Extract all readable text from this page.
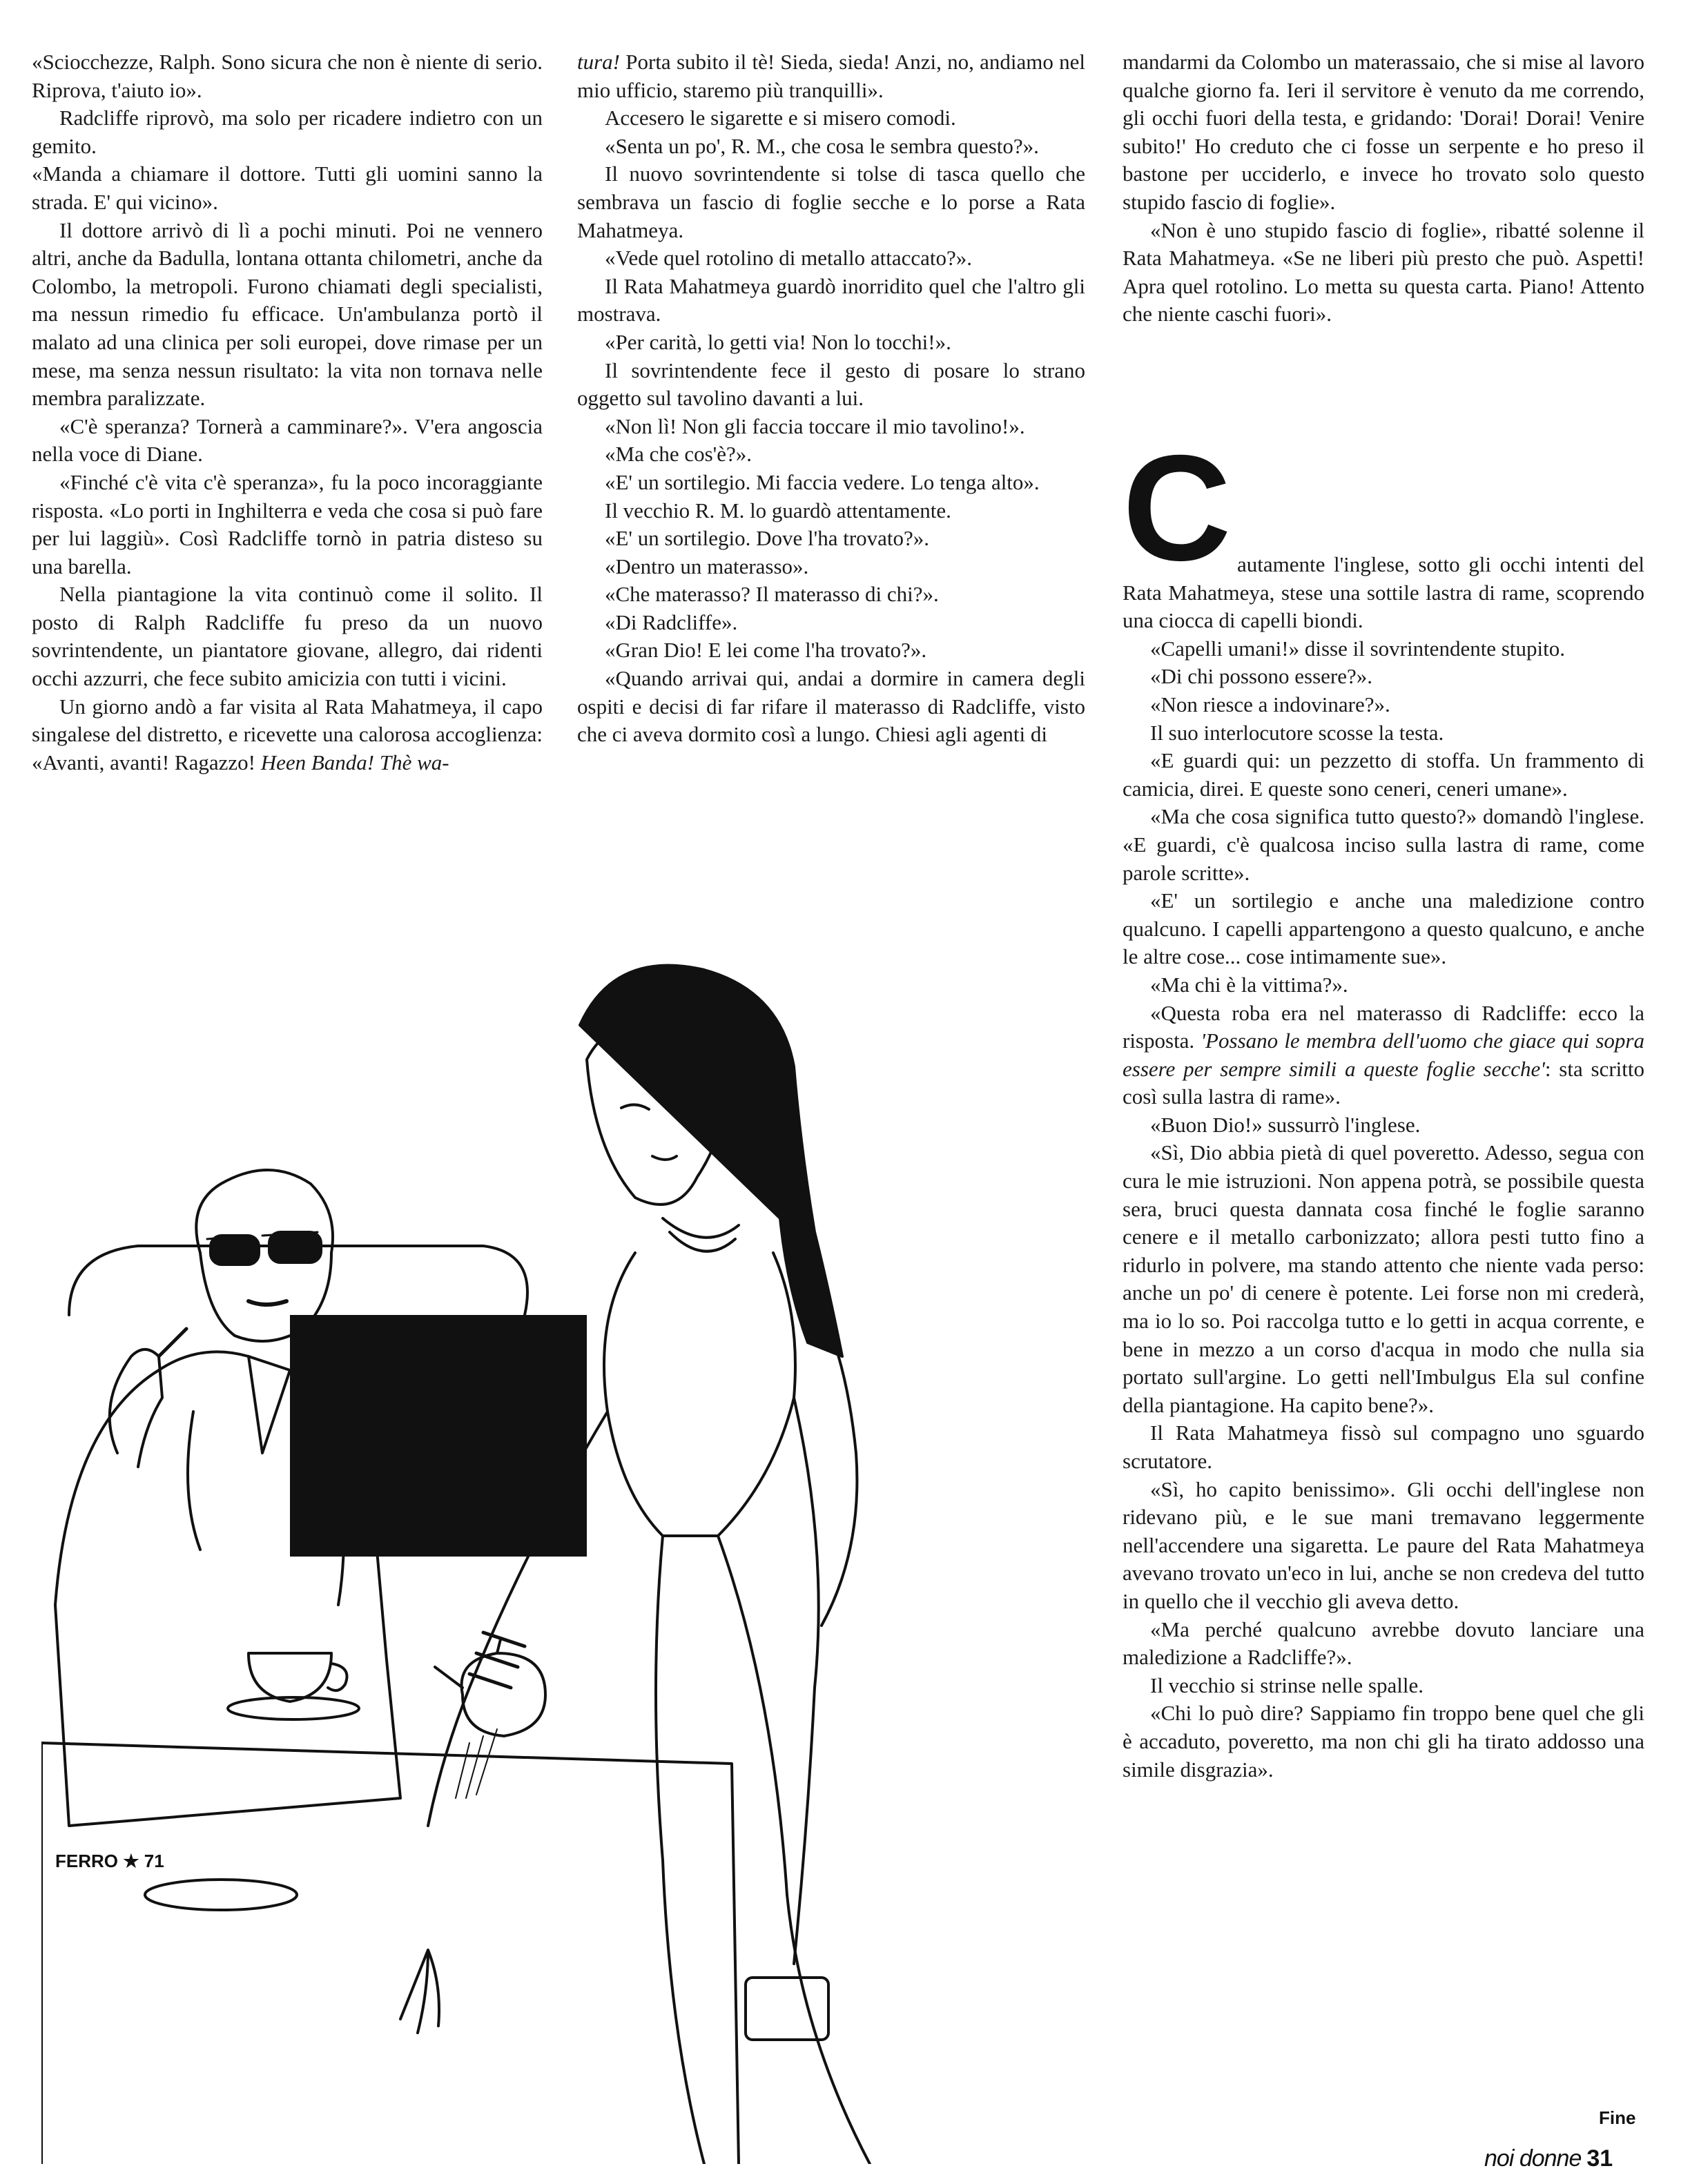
«Sciocchezze, Ralph. Sono sicura che non è niente di serio. Riprova, t'aiuto io».

Radcliffe riprovò, ma solo per ricadere indietro con un gemito.

«Manda a chiamare il dottore. Tutti gli uomini sanno la strada. E' qui vicino».

Il dottore arrivò di lì a pochi minuti. Poi ne vennero altri, anche da Badulla, lontana ottanta chilometri, anche da Colombo, la metropoli. Furono chiamati degli specialisti, ma nessun rimedio fu efficace. Un'ambulanza portò il malato ad una clinica per soli europei, dove rimase per un mese, ma senza nessun risultato: la vita non tornava nelle membra paralizzate.

«C'è speranza? Tornerà a camminare?». V'era angoscia nella voce di Diane.

«Finché c'è vita c'è speranza», fu la poco incoraggiante risposta. «Lo porti in Inghilterra e veda che cosa si può fare per lui laggiù». Così Radcliffe tornò in patria disteso su una barella.

Nella piantagione la vita continuò come il solito. Il posto di Ralph Radcliffe fu preso da un nuovo sovrintendente, un piantatore giovane, allegro, dai ridenti occhi azzurri, che fece subito amicizia con tutti i vicini.

Un giorno andò a far visita al Rata Mahatmeya, il capo singalese del distretto, e ricevette una calorosa accoglienza: «Avanti, avanti! Ragazzo! Heen Banda! Thè wa-

tura! Porta subito il tè! Sieda, sieda! Anzi, no, andiamo nel mio ufficio, staremo più tranquilli».

Accesero le sigarette e si misero comodi.

«Senta un po', R. M., che cosa le sembra questo?».

Il nuovo sovrintendente si tolse di tasca quello che sembrava un fascio di foglie secche e lo porse a Rata Mahatmeya.

«Vede quel rotolino di metallo attaccato?».

Il Rata Mahatmeya guardò inorridito quel che l'altro gli mostrava.

«Per carità, lo getti via! Non lo tocchi!».

Il sovrintendente fece il gesto di posare lo strano oggetto sul tavolino davanti a lui.

«Non lì! Non gli faccia toccare il mio tavolino!».

«Ma che cos'è?».

«E' un sortilegio. Mi faccia vedere. Lo tenga alto».

Il vecchio R. M. lo guardò attentamente.

«E' un sortilegio. Dove l'ha trovato?».

«Dentro un materasso».

«Che materasso? Il materasso di chi?».

«Di Radcliffe».

«Gran Dio! E lei come l'ha trovato?».

«Quando arrivai qui, andai a dormire in camera degli ospiti e decisi di far rifare il materasso di Radcliffe, visto che ci aveva dormito così a lungo. Chiesi agli agenti di

mandarmi da Colombo un materassaio, che si mise al lavoro qualche giorno fa. Ieri il servitore è venuto da me correndo, gli occhi fuori della testa, e gridando: 'Dorai! Dorai! Venire subito!' Ho creduto che ci fosse un serpente e ho preso il bastone per ucciderlo, e invece ho trovato solo questo stupido fascio di foglie».

«Non è uno stupido fascio di foglie», ribatté solenne il Rata Mahatmeya. «Se ne liberi più presto che può. Aspetti! Apra quel rotolino. Lo metta su questa carta. Piano! Attento che niente caschi fuori».

C autamente l'inglese, sotto gli occhi intenti del Rata Mahatmeya, stese una sottile lastra di rame, scoprendo una ciocca di capelli biondi.

«Capelli umani!» disse il sovrintendente stupito.

«Di chi possono essere?».

«Non riesce a indovinare?».

Il suo interlocutore scosse la testa.

«E guardi qui: un pezzetto di stoffa. Un frammento di camicia, direi. E queste sono ceneri, ceneri umane».

«Ma che cosa significa tutto questo?» domandò l'inglese. «E guardi, c'è qualcosa inciso sulla lastra di rame, come parole scritte».

«E' un sortilegio e anche una maledizione contro qualcuno. I capelli appartengono a questo qualcuno, e anche le altre cose... cose intimamente sue».

«Ma chi è la vittima?».

«Questa roba era nel materasso di Radcliffe: ecco la risposta. 'Possano le membra dell'uomo che giace qui sopra essere per sempre simili a queste foglie secche': sta scritto così sulla lastra di rame».

«Buon Dio!» sussurrò l'inglese.

«Sì, Dio abbia pietà di quel poveretto. Adesso, segua con cura le mie istruzioni. Non appena potrà, se possibile questa sera, bruci questa dannata cosa finché le foglie saranno cenere e il metallo carbonizzato; allora pesti tutto fino a ridurlo in polvere, ma stando attento che niente vada perso: anche un po' di cenere è potente. Lei forse non mi crederà, ma io lo so. Poi raccolga tutto e lo getti in acqua corrente, e bene in mezzo a un corso d'acqua in modo che nulla sia portato sull'argine. Lo getti nell'Imbulgus Ela sul confine della piantagione. Ha capito bene?».

Il Rata Mahatmeya fissò sul compagno uno sguardo scrutatore.

«Sì, ho capito benissimo». Gli occhi dell'inglese non ridevano più, e le sue mani tremavano leggermente nell'accendere una sigaretta. Le paure del Rata Mahatmeya avevano trovato un'eco in lui, anche se non credeva del tutto in quello che il vecchio gli aveva detto.

«Ma perché qualcuno avrebbe dovuto lanciare una maledizione a Radcliffe?».

Il vecchio si strinse nelle spalle.

«Chi lo può dire? Sappiamo fin troppo bene quel che gli è accaduto, poveretto, ma non chi gli ha tirato addosso una simile disgrazia».

FERRO ★ 71
Fine
noi donne 31
